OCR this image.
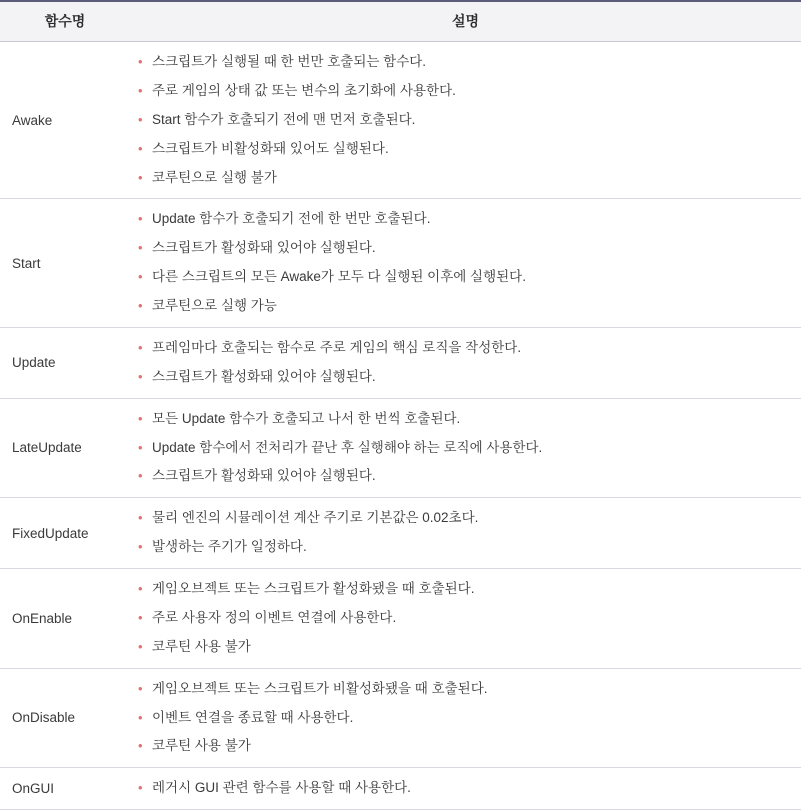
함수명	설명
Awake	
• 스크립트가 실행될 때 한 번만 호출되는 함수다.
• 주로 게임의 상태 값 또는 변수의 초기화에 사용한다.
• Start 함수가 호출되기 전에 맨 먼저 호출된다.
• 스크립트가 비활성화돼 있어도 실행된다.
• 코루틴으로 실행 불가

Start	
• Update 함수가 호출되기 전에 한 번만 호출된다.
• 스크립트가 활성화돼 있어야 실행된다.
• 다른 스크립트의 모든 Awake가 모두 다 실행된 이후에 실행된다.
• 코루틴으로 실행 가능

Update	
• 프레임마다 호출되는 함수로 주로 게임의 핵심 로직을 작성한다.
• 스크립트가 활성화돼 있어야 실행된다.

LateUpdate	
• 모든 Update 함수가 호출되고 나서 한 번씩 호출된다.
• Update 함수에서 전처리가 끝난 후 실행해야 하는 로직에 사용한다.
• 스크립트가 활성화돼 있어야 실행된다.

FixedUpdate	
• 물리 엔진의 시뮬레이션 계산 주기로 기본값은 0.02초다.
• 발생하는 주기가 일정하다.

OnEnable	
• 게임오브젝트 또는 스크립트가 활성화됐을 때 호출된다.
• 주로 사용자 정의 이벤트 연결에 사용한다.
• 코루틴 사용 불가

OnDisable	
• 게임오브젝트 또는 스크립트가 비활성화됐을 때 호출된다.
• 이벤트 연결을 종료할 때 사용한다.
• 코루틴 사용 불가

OnGUI	
•레거시 GUI 관련 함수를 사용할 때 사용한다.
